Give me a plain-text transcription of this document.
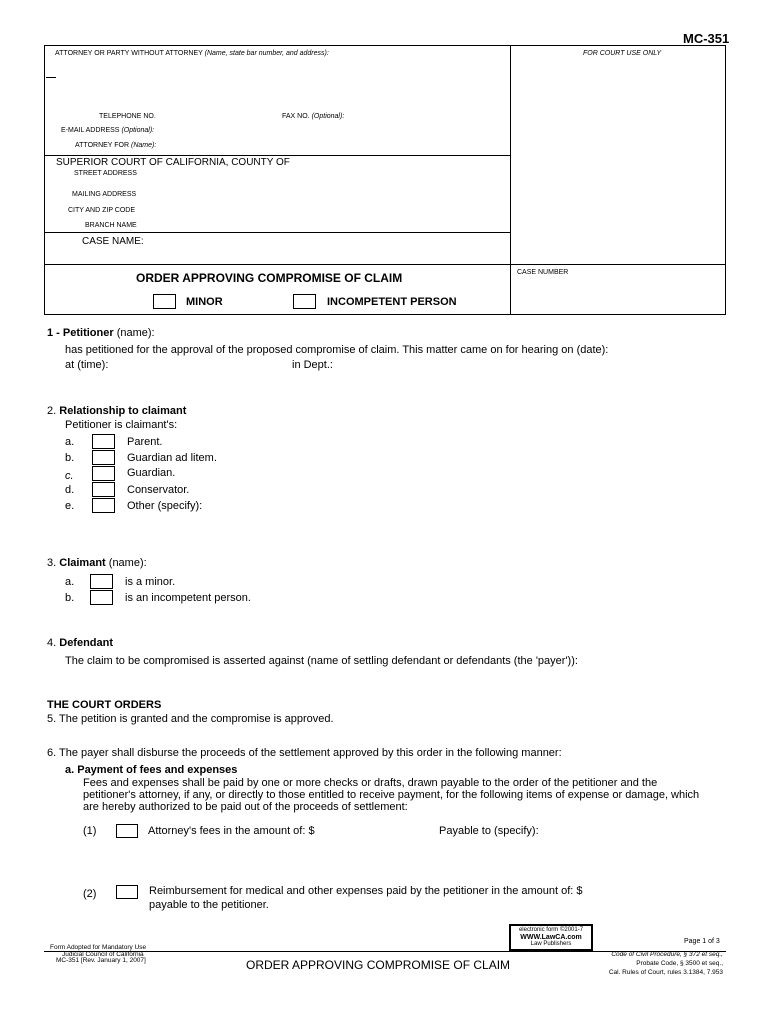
MC-351
ATTORNEY OR PARTY WITHOUT ATTORNEY (Name, state bar number, and address):	FOR COURT USE ONLY
TELEPHONE NO.	FAX NO. (Optional):
E-MAIL ADDRESS (Optional):
ATTORNEY FOR (Name):
SUPERIOR COURT OF CALIFORNIA, COUNTY OF
STREET ADDRESS
MAILING ADDRESS
CITY AND ZIP CODE
BRANCH NAME
CASE NAME:
ORDER APPROVING COMPROMISE OF CLAIM
MINOR	INCOMPETENT PERSON
CASE NUMBER
1 - Petitioner (name):
has petitioned for the approval of the proposed compromise of claim. This matter came on for hearing on (date):
at (time):	in Dept.:
2. Relationship to claimant
Petitioner is claimant's:
a.	Parent.
b.	Guardian ad litem.
c.	Guardian.
d.	Conservator.
e.	Other (specify):
3. Claimant (name):
a.	is a minor.
b.	is an incompetent person.
4. Defendant
The claim to be compromised is asserted against (name of settling defendant or defendants (the 'payer')):
THE COURT ORDERS
5. The petition is granted and the compromise is approved.
6. The payer shall disburse the proceeds of the settlement approved by this order in the following manner:
a. Payment of fees and expenses
Fees and expenses shall be paid by one or more checks or drafts, drawn payable to the order of the petitioner and the
petitioner's attorney, if any, or directly to those entitled to receive payment, for the following items of expense or damage, which
are hereby authorized to be paid out of the proceeds of settlement:
(1)	Attorney's fees in the amount of: $	Payable to (specify):
(2)	Reimbursement for medical and other expenses paid by the petitioner in the amount of: $
payable to the petitioner.
Form Adopted for Mandatory Use
Judicial Council of California
MC-351 [Rev. January 1, 2007]	ORDER APPROVING COMPROMISE OF CLAIM
electronic form ©2001-7
WWW.LawCA.com
Law Publishers	Page 1 of 3
Code of Civil Procedure, § 372 et seq.,
Probate Code, § 3500 et seq.,
Cal. Rules of Court, rules 3.1384, 7.953
